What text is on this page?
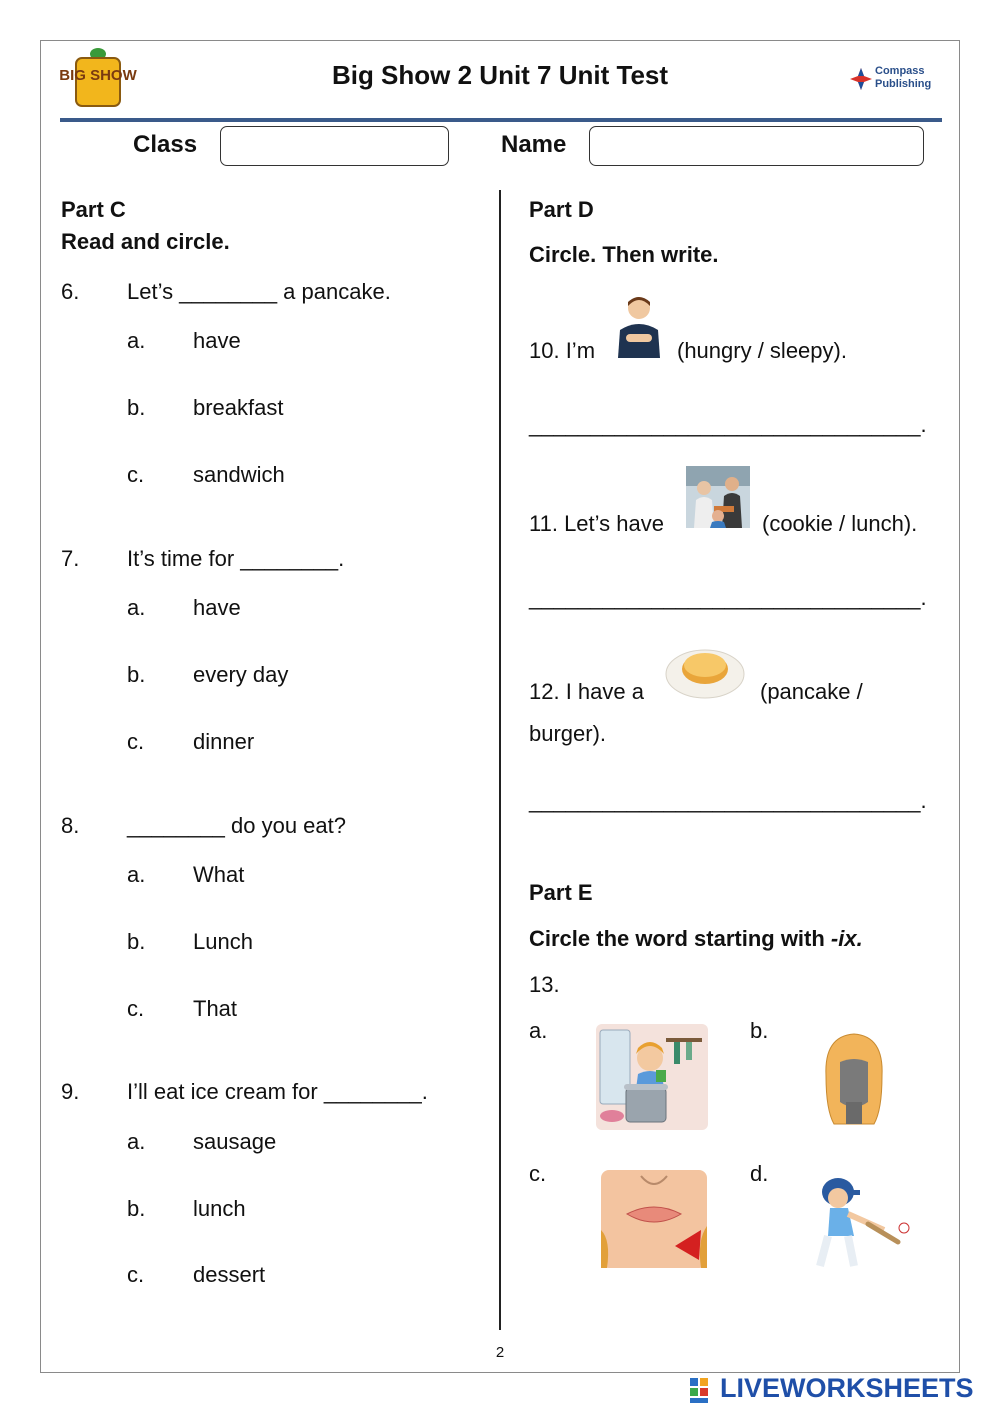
BIG SHOW	Big Show 2 Unit 7 Unit Test	Compass
Publishing
Class	Name
Part C
Read and circle.
6. Let’s ________ a pancake.
a. have
b. breakfast
c. sandwich
7. It’s time for ________.
a. have
b. every day
c. dinner
8. ________ do you eat?
a. What
b. Lunch
c. That
9. I’ll eat ice cream for ________.
a. sausage
b. lunch
c. dessert
Part D
Circle. Then write.
10. I’m	(hungry / sleepy).
________________________________.
11. Let’s have	(cookie / lunch).
________________________________.
12. I have a	(pancake /
burger).
________________________________.
Part E
Circle the word starting with -ix.
13.
a.	b.
c.	d.
2
LIVEWORKSHEETS
